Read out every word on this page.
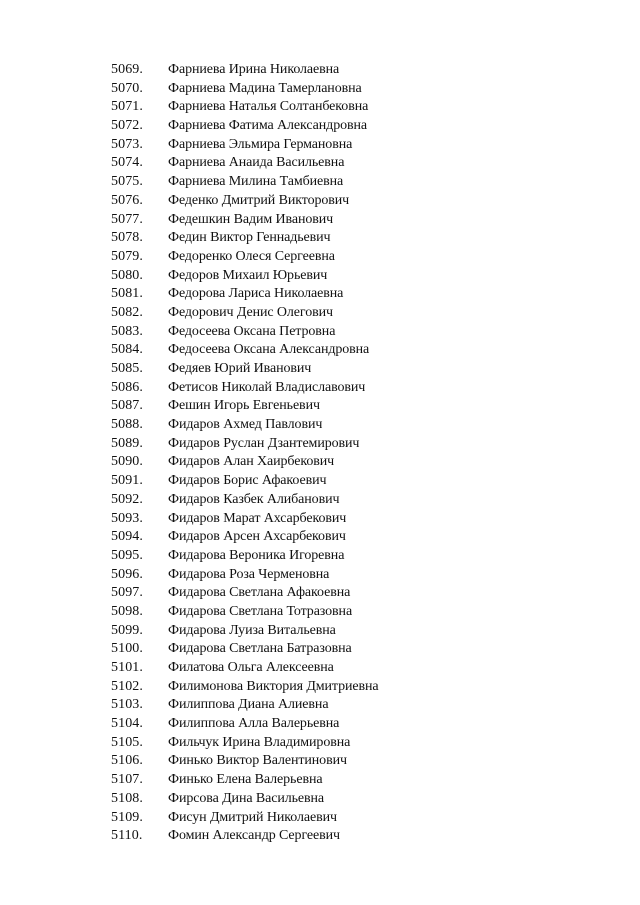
5069.	Фарниева Ирина Николаевна
5070.	Фарниева Мадина Тамерлановна
5071.	Фарниева Наталья Солтанбековна
5072.	Фарниева Фатима Александровна
5073.	Фарниева Эльмира Германовна
5074.	Фарниева Анаида Васильевна
5075.	Фарниева Милина Тамбиевна
5076.	Феденко Дмитрий Викторович
5077.	Федешкин Вадим Иванович
5078.	Федин Виктор Геннадьевич
5079.	Федоренко Олеся Сергеевна
5080.	Федоров Михаил Юрьевич
5081.	Федорова Лариса Николаевна
5082.	Федорович Денис Олегович
5083.	Федосеева Оксана Петровна
5084.	Федосеева Оксана Александровна
5085.	Федяев Юрий Иванович
5086.	Фетисов Николай Владиславович
5087.	Фешин Игорь Евгеньевич
5088.	Фидаров Ахмед Павлович
5089.	Фидаров Руслан Дзантемирович
5090.	Фидаров Алан Хаирбекович
5091.	Фидаров Борис Афакоевич
5092.	Фидаров Казбек Алибанович
5093.	Фидаров Марат Ахсарбекович
5094.	Фидаров Арсен Ахсарбекович
5095.	Фидарова Вероника Игоревна
5096.	Фидарова Роза Черменовна
5097.	Фидарова Светлана Афакоевна
5098.	Фидарова Светлана Тотразовна
5099.	Фидарова Луиза Витальевна
5100.	Фидарова Светлана Батразовна
5101.	Филатова Ольга Алексеевна
5102.	Филимонова Виктория Дмитриевна
5103.	Филиппова Диана Алиевна
5104.	Филиппова Алла Валерьевна
5105.	Фильчук Ирина Владимировна
5106.	Финько Виктор Валентинович
5107.	Финько Елена Валерьевна
5108.	Фирсова Дина Васильевна
5109.	Фисун Дмитрий Николаевич
5110.	Фомин Александр Сергеевич
